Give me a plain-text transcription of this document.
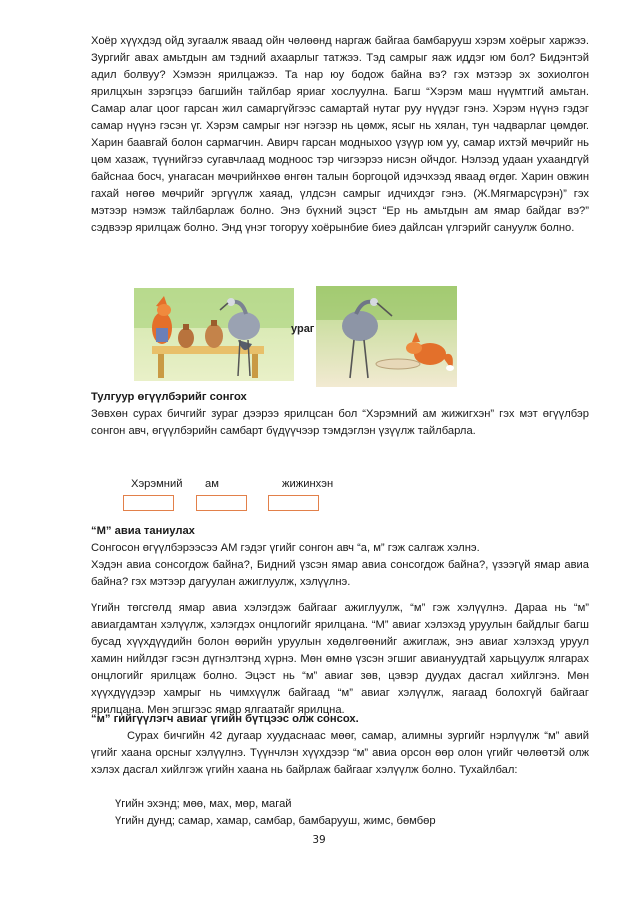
Хоёр хүүхдэд ойд зугаалж яваад ойн чөлөөнд наргаж байгаа бамбарууш хэрэм хоёрыг харжээ. Зургийг авах амьтдын ам тэдний ахаарлыг татжээ. Тэд самрыг яаж иддэг юм бол? Бидэнтэй адил болвуу? Хэмээн ярилцажээ. Та нар юу бодож байна вэ? гэх мэтээр эх зохиолгон ярилцхын зэрэгцээ багшийн тайлбар яриаг хослуулна. Багш “Хэрэм маш нүүмтгий амьтан. Самар алаг цоог гарсан жил самаргүйгээс самартай нутаг руу нүүдэг гэнэ. Хэрэм нүүнэ гэдэг самар нүүнэ гэсэн үг. Хэрэм самрыг нэг нэгээр нь цөмж, ясыг нь хялан, тун чадварлаг цөмдөг. Харин баавгай болон сармагчин. Авирч гарсан модныхоо үзүүр юм уу, самар ихтэй мөчрийг нь цөм хазаж, түүнийгээ сугавчлаад модноос тэр чигээрээ нисэн ойчдог. Нэлээд удаан ухаандгүй байснаа босч, унагасан мөчрийнхөө өнгөн талын боргоцой идэчхээд яваад өгдөг. Харин овжин гахай нөгөө мөчрийг эргүүлж хаяад, үлдсэн самрыг идчихдэг гэнэ. (Ж.Мягмарсүрэн)” гэх мэтээр нэмэж тайлбарлаж болно. Энэ бүхний эцэст “Ер нь амьтдын ам ямар байдаг вэ?” сэдвээр ярилцаж болно. Энд үнэг тогоруу хоёрынбие биеэ дайлсан үлгэрийг сануулж болно.

ураг

Тулгуур өгүүлбэрийг сонгох

Зөвхөн сурах бичгийг зураг дээрээ ярилцсан бол “Хэрэмний ам жижигхэн” гэх мэт өгүүлбэр сонгон авч, өгүүлбэрийн самбарт бүдүүчээр тэмдэглэн үзүүлж тайлбарла.

Хэрэмний ам	жижинхэн

“М” авиа таниулах

Сонгосон өгүүлбэрээсээ АМ гэдэг үгийг сонгон авч “а, м” гэж салгаж хэлнэ.

Хэдэн авиа сонсогдож байна?, Бидний үзсэн ямар авиа сонсогдож байна?, үзээгүй ямар авиа байна? гэх мэтээр дагуулан ажиглуулж, хэлүүлнэ.

Үгийн төгсгөлд ямар авиа хэлэгдэж байгааг ажиглуулж, “м” гэж хэлүүлнэ. Дараа нь “м” авиагдамтан хэлүүлж, хэлэгдэх онцлогийг ярилцана. “М” авиаг хэлэхэд уруулын байдлыг багш бусад хүүхдүүдийн болон өөрийн уруулын хөдөлгөөнийг ажиглаж, энэ авиаг хэлэхэд уруул хамин нийлдэг гэсэн дүгнэлтэнд хүрнэ. Мөн өмнө үзсэн эгшиг авиануудтай харьцуулж ялгарах онцлогийг ярилцаж болно. Эцэст нь “м” авиаг зөв, цэвэр дуудах дасгал хийлгэнэ. Мөн хүүхдүүдээр хамрыг нь чимхүүлж байгаад “м” авиаг хэлүүлж, яагаад болохгүй байгааг ярилцана. Мөн эгшгээс ямар ялгаатайг ярилцна.

“м” гийгүүлэгч авиаг үгийн бүтцээс олж сонсох.

Сурах бичгийн 42 дугаар хуудаснаас мөөг, самар, алимны зургийг нэрлүүлж “м” авий үгийг хаана орсныг хэлүүлнэ. Түүнчлэн хүүхдээр “м” авиа орсон өөр олон үгийг чөлөөтэй олж хэлэх дасгал хийлгэж үгийн хаана нь байрлаж байгааг хэлүүлж болно. Тухайлбал:

Үгийн эхэнд; мөө, мах, мөр, магай

Үгийн дунд; самар, хамар, самбар, бамбарууш, жимс, бөмбөр

39
